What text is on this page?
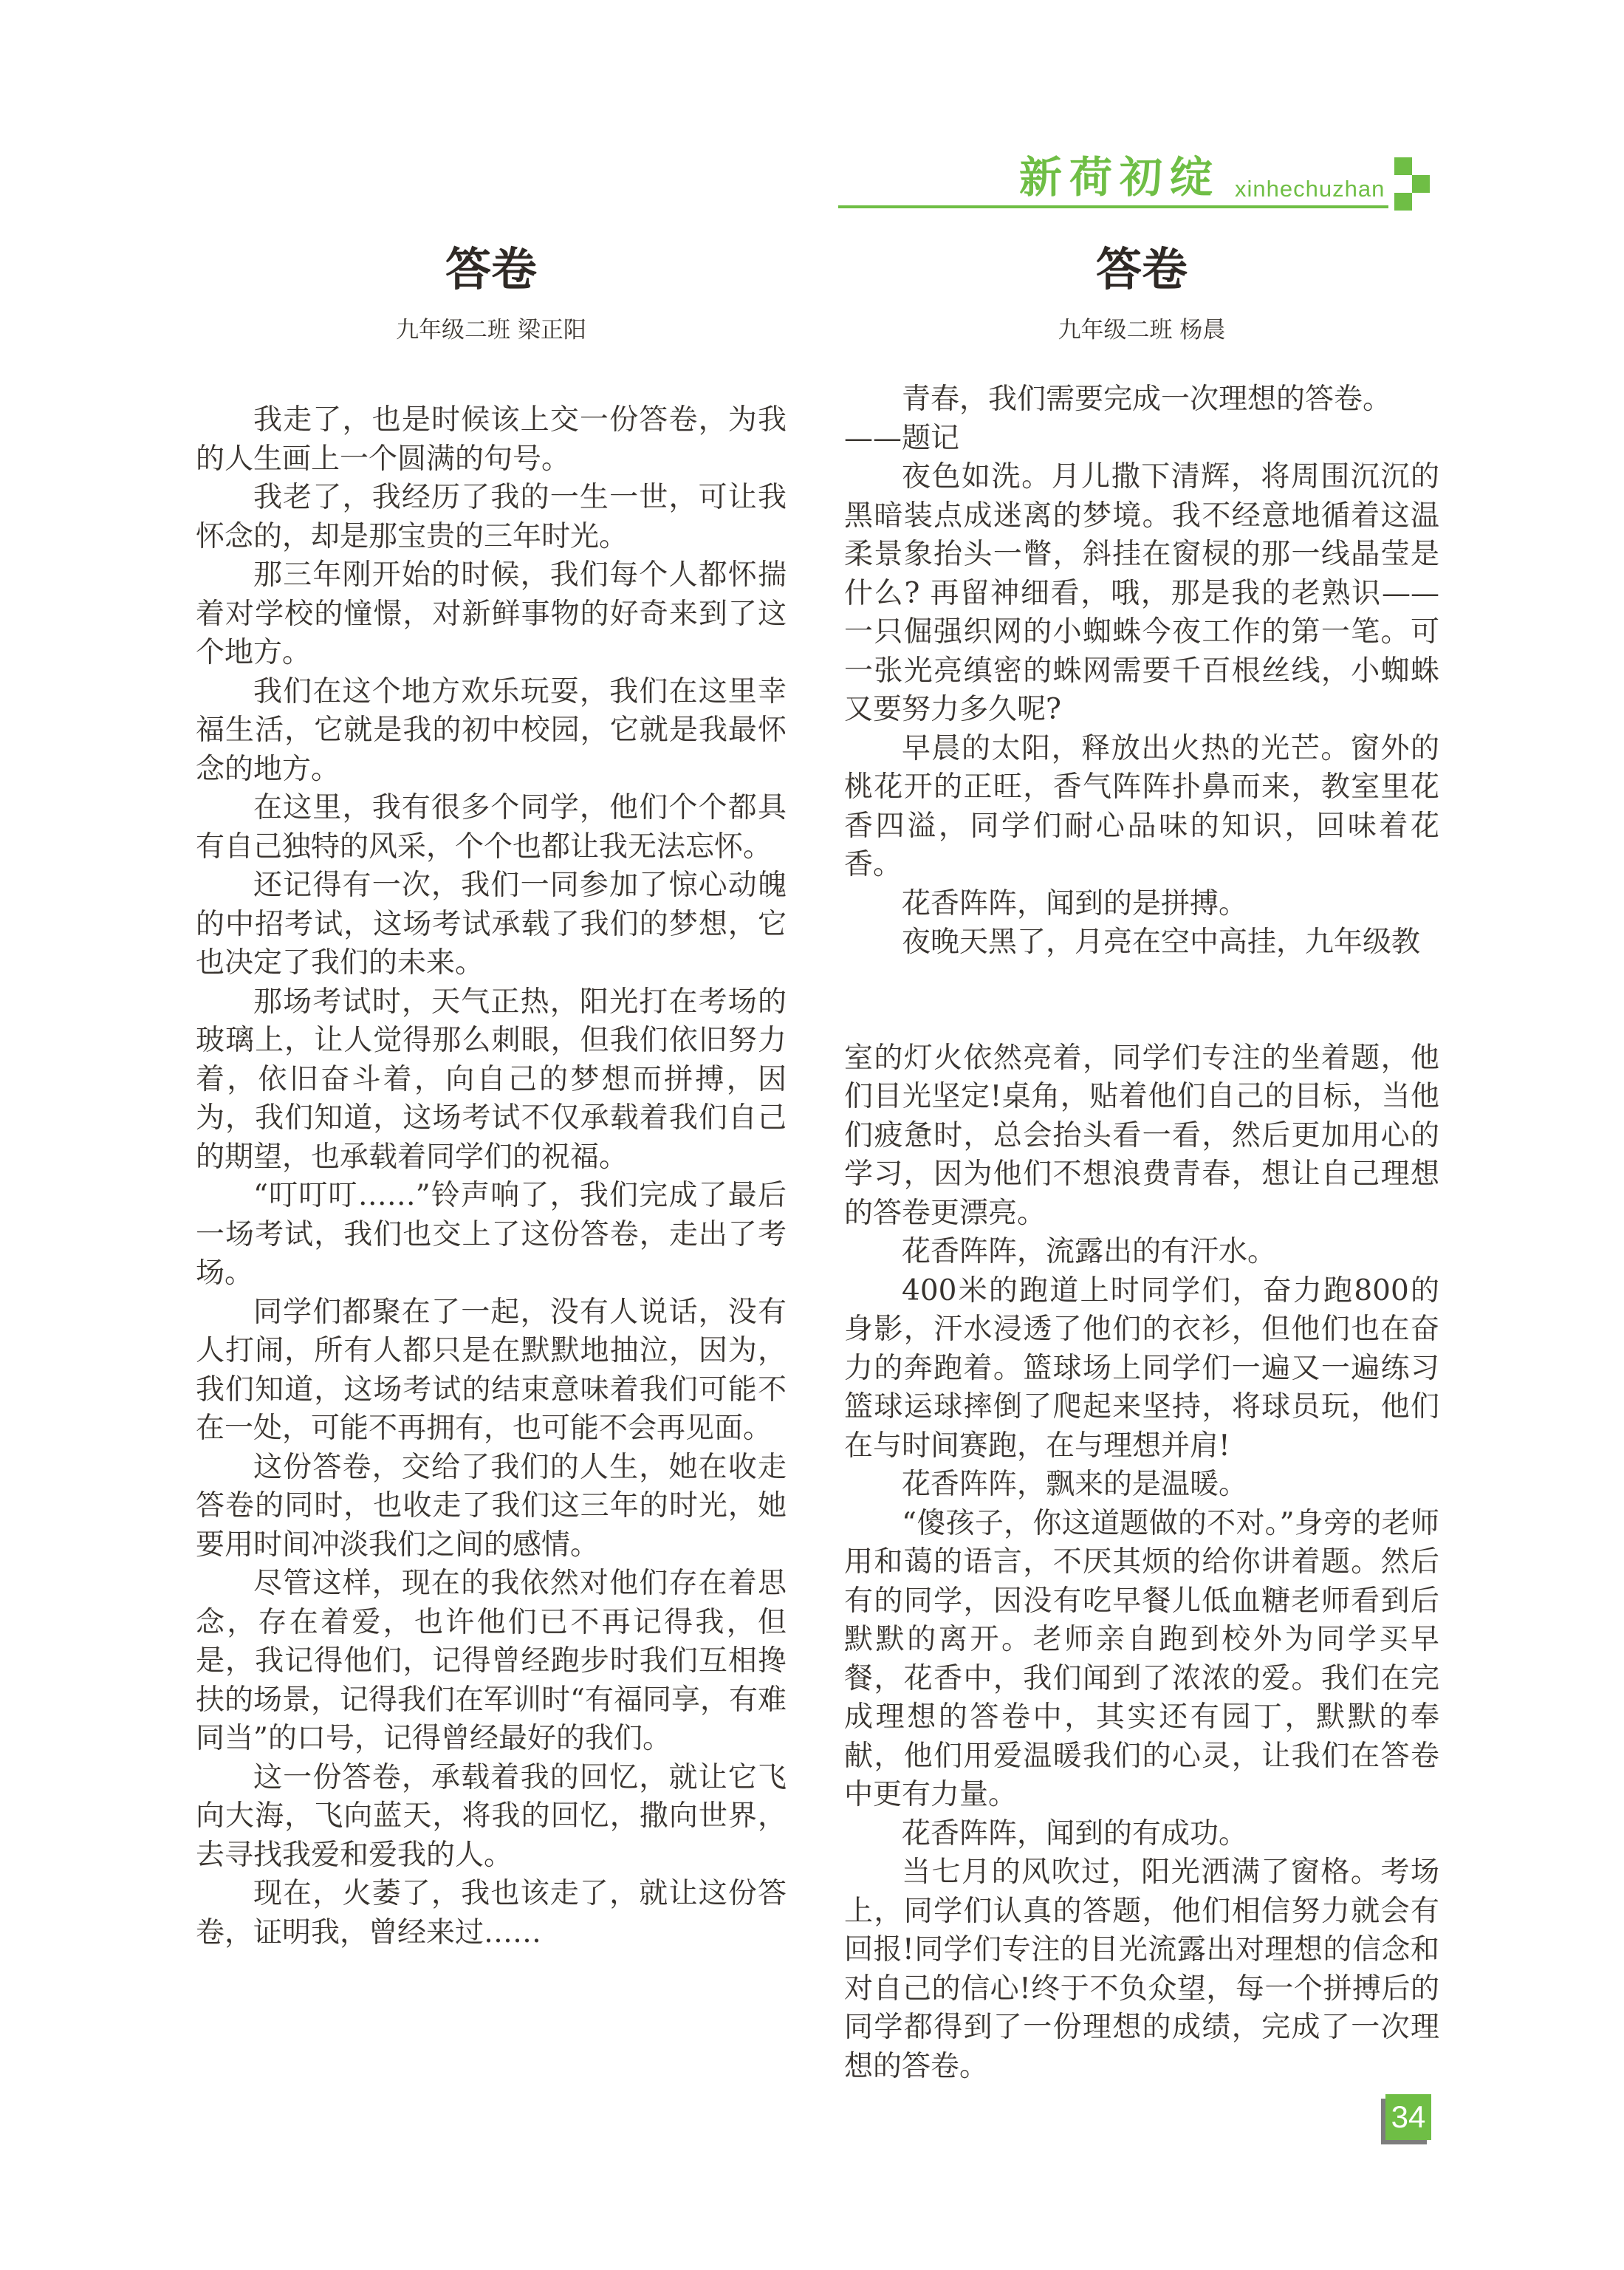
新荷初绽 xinhechuzhan
答卷
九年级二班 梁正阳

我走了，也是时候该上交一份答卷，为我的人生画上一个圆满的句号。

我老了，我经历了我的一生一世，可让我怀念的，却是那宝贵的三年时光。

那三年刚开始的时候，我们每个人都怀揣着对学校的憧憬，对新鲜事物的好奇来到了这个地方。

我们在这个地方欢乐玩耍，我们在这里幸福生活，它就是我的初中校园，它就是我最怀念的地方。

在这里，我有很多个同学，他们个个都具有自己独特的风采，个个也都让我无法忘怀。

还记得有一次，我们一同参加了惊心动魄的中招考试，这场考试承载了我们的梦想，它也决定了我们的未来。

那场考试时，天气正热，阳光打在考场的玻璃上，让人觉得那么刺眼，但我们依旧努力着，依旧奋斗着，向自己的梦想而拼搏，因为，我们知道，这场考试不仅承载着我们自己的期望，也承载着同学们的祝福。

“叮叮叮……”铃声响了，我们完成了最后一场考试，我们也交上了这份答卷，走出了考场。

同学们都聚在了一起，没有人说话，没有人打闹，所有人都只是在默默地抽泣，因为，我们知道，这场考试的结束意味着我们可能不在一处，可能不再拥有，也可能不会再见面。

这份答卷，交给了我们的人生，她在收走答卷的同时，也收走了我们这三年的时光，她要用时间冲淡我们之间的感情。

尽管这样，现在的我依然对他们存在着思念，存在着爱，也许他们已不再记得我，但是，我记得他们，记得曾经跑步时我们互相搀扶的场景，记得我们在军训时“有福同享，有难同当”的口号，记得曾经最好的我们。

这一份答卷，承载着我的回忆，就让它飞向大海，飞向蓝天，将我的回忆，撒向世界，去寻找我爱和爱我的人。

现在，火萎了，我也该走了，就让这份答卷，证明我，曾经来过……

答卷
九年级二班 杨晨

青春，我们需要完成一次理想的答卷。

——题记

夜色如洗。月儿撒下清辉，将周围沉沉的黑暗装点成迷离的梦境。我不经意地循着这温柔景象抬头一瞥，斜挂在窗棂的那一线晶莹是什么? 再留神细看，哦，那是我的老熟识——一只倔强织网的小蜘蛛今夜工作的第一笔。可一张光亮缜密的蛛网需要千百根丝线，小蜘蛛又要努力多久呢?

早晨的太阳，释放出火热的光芒。窗外的桃花开的正旺，香气阵阵扑鼻而来，教室里花香四溢，同学们耐心品味的知识，回味着花香。

花香阵阵，闻到的是拼搏。

夜晚天黑了，月亮在空中高挂，九年级教

室的灯火依然亮着，同学们专注的坐着题，他们目光坚定!桌角，贴着他们自己的目标，当他们疲惫时，总会抬头看一看，然后更加用心的学习，因为他们不想浪费青春，想让自己理想的答卷更漂亮。

花香阵阵，流露出的有汗水。

400米的跑道上时同学们，奋力跑800的身影，汗水浸透了他们的衣衫，但他们也在奋力的奔跑着。篮球场上同学们一遍又一遍练习篮球运球摔倒了爬起来坚持，将球员玩，他们在与时间赛跑，在与理想并肩!

花香阵阵，飘来的是温暖。

“傻孩子，你这道题做的不对。”身旁的老师用和蔼的语言，不厌其烦的给你讲着题。然后有的同学，因没有吃早餐儿低血糖老师看到后默默的离开。老师亲自跑到校外为同学买早餐，花香中，我们闻到了浓浓的爱。我们在完成理想的答卷中，其实还有园丁，默默的奉献，他们用爱温暖我们的心灵，让我们在答卷中更有力量。

花香阵阵，闻到的有成功。

当七月的风吹过，阳光洒满了窗格。考场上，同学们认真的答题，他们相信努力就会有回报!同学们专注的目光流露出对理想的信念和对自己的信心!终于不负众望，每一个拼搏后的同学都得到了一份理想的成绩，完成了一次理想的答卷。

34
